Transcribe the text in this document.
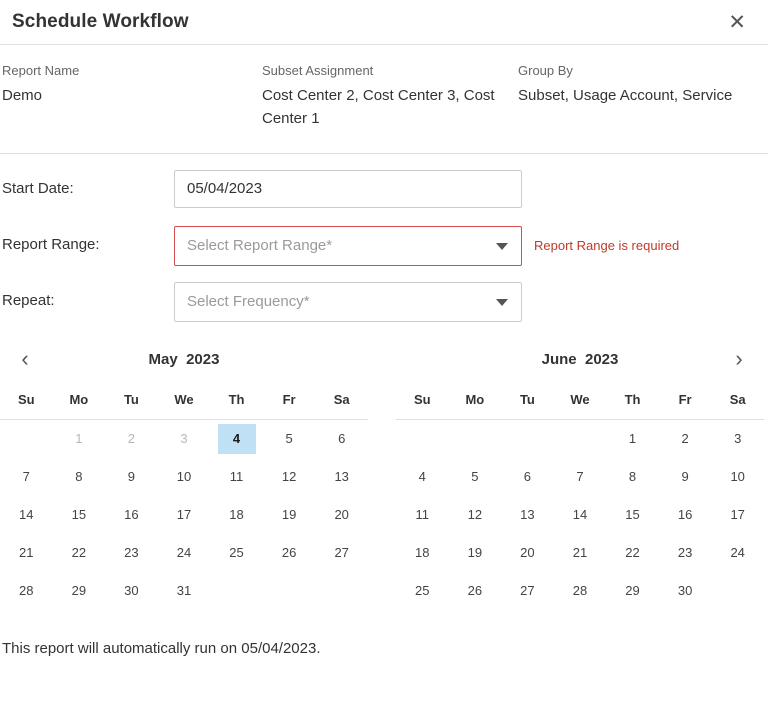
Schedule Workflow	✕
Report Name
Demo
Subset Assignment
Cost Center 2, Cost Center 3, Cost Center 1
Group By
Subset, Usage Account, Service
Start Date:
05/04/2023
Report Range:	Select Report Range*	Report Range is required
Repeat:	Select Frequency*
‹	May 2023
Su	Mo	Tu	We	Th	Fr	Sa
	1	2	3	4	5	6
7	8	9	10	11	12	13
14	15	16	17	18	19	20
21	22	23	24	25	26	27
28	29	30	31			
June 2023	›
Su	Mo	Tu	We	Th	Fr	Sa
				1	2	3
4	5	6	7	8	9	10
11	12	13	14	15	16	17
18	19	20	21	22	23	24
25	26	27	28	29	30	
This report will automatically run on 05/04/2023.
